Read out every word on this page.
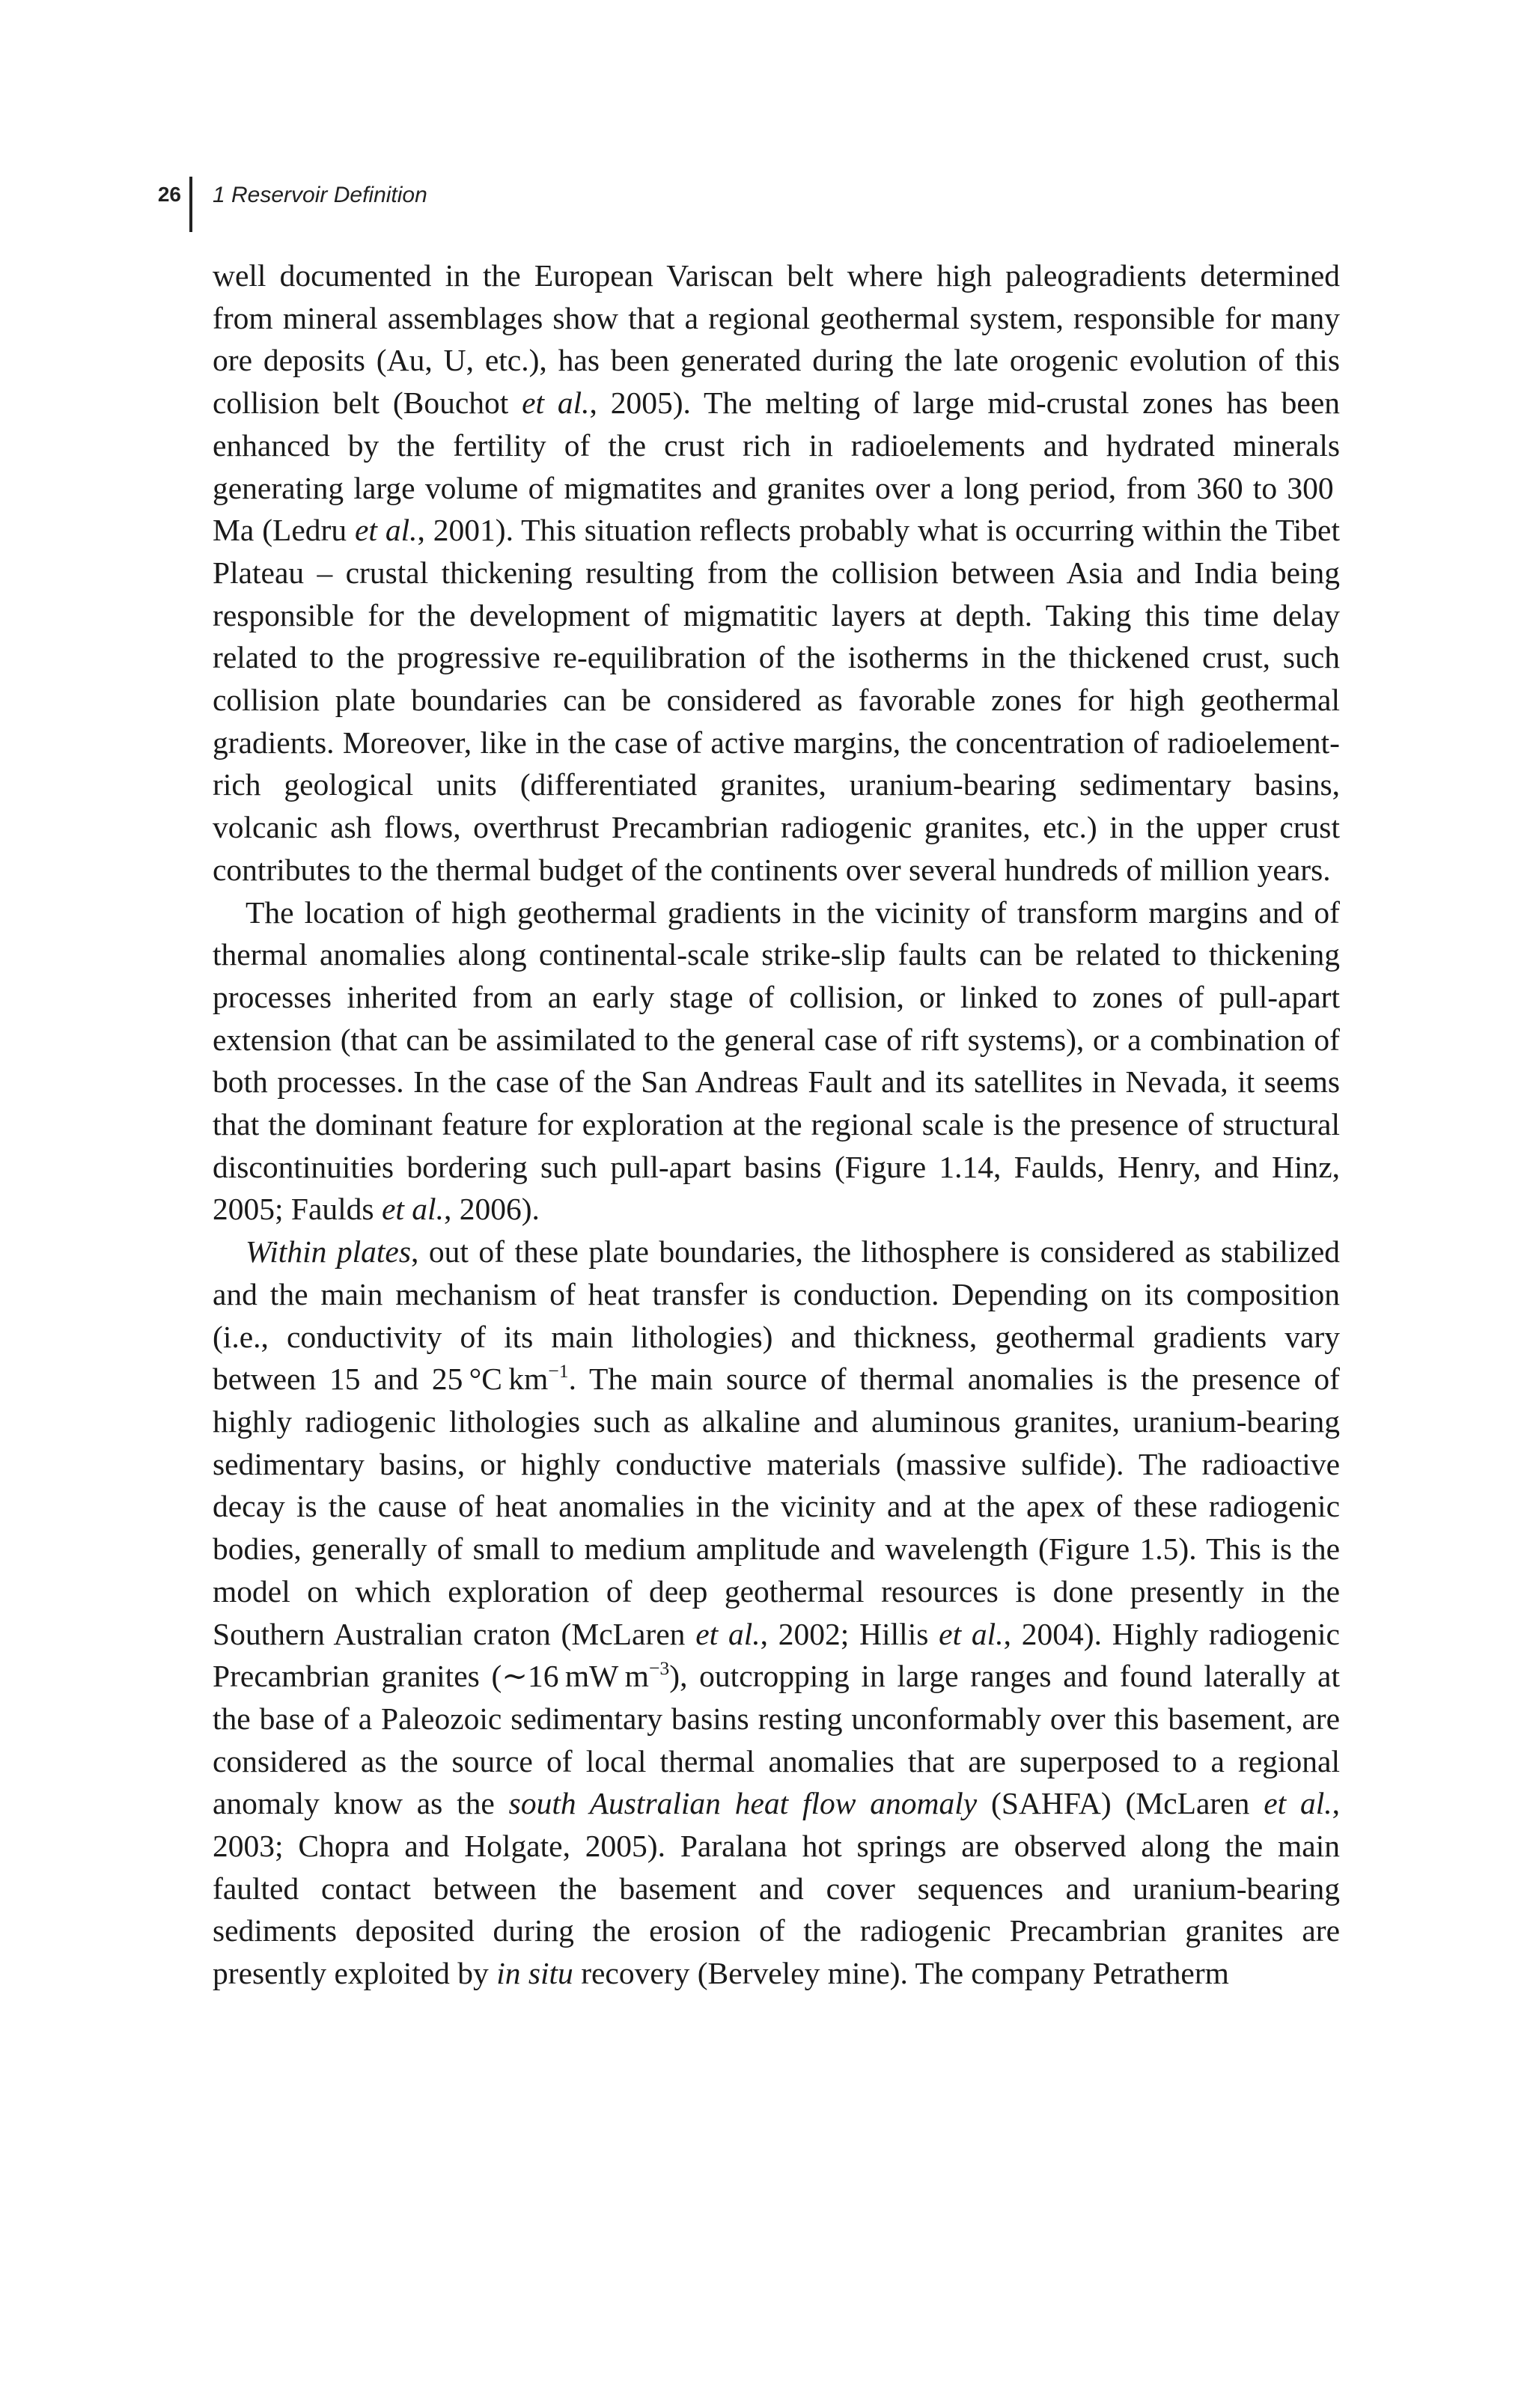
26 1 Reservoir Definition

well documented in the European Variscan belt where high paleogradients determined from mineral assemblages show that a regional geothermal system, responsible for many ore deposits (Au, U, etc.), has been generated during the late orogenic evolution of this collision belt (Bouchot et al., 2005). The melting of large mid-crustal zones has been enhanced by the fertility of the crust rich in radioelements and hydrated minerals generating large volume of migmatites and granites over a long period, from 360 to 300 Ma (Ledru et al., 2001). This situation reflects probably what is occurring within the Tibet Plateau – crustal thickening resulting from the collision between Asia and India being responsible for the development of migmatitic layers at depth. Taking this time delay related to the progressive re-equilibration of the isotherms in the thickened crust, such collision plate boundaries can be considered as favorable zones for high geothermal gradients. Moreover, like in the case of active margins, the concentration of radioelement-rich geological units (differentiated granites, uranium-bearing sedimentary basins, volcanic ash flows, overthrust Precambrian radiogenic granites, etc.) in the upper crust contributes to the thermal budget of the continents over several hundreds of million years.

The location of high geothermal gradients in the vicinity of transform margins and of thermal anomalies along continental-scale strike-slip faults can be related to thickening processes inherited from an early stage of collision, or linked to zones of pull-apart extension (that can be assimilated to the general case of rift systems), or a combination of both processes. In the case of the San Andreas Fault and its satellites in Nevada, it seems that the dominant feature for exploration at the regional scale is the presence of structural discontinuities bordering such pull-apart basins (Figure 1.14, Faulds, Henry, and Hinz, 2005; Faulds et al., 2006).

Within plates, out of these plate boundaries, the lithosphere is considered as stabilized and the main mechanism of heat transfer is conduction. Depending on its composition (i.e., conductivity of its main lithologies) and thickness, geothermal gradients vary between 15 and 25 °C $km^{-1}$. The main source of thermal anomalies is the presence of highly radiogenic lithologies such as alkaline and aluminous granites, uranium-bearing sedimentary basins, or highly conductive materials (massive sulfide). The radioactive decay is the cause of heat anomalies in the vicinity and at the apex of these radiogenic bodies, generally of small to medium amplitude and wavelength (Figure 1.5). This is the model on which exploration of deep geothermal resources is done presently in the Southern Australian craton (McLaren et al., 2002; Hillis et al., 2004). Highly radiogenic Precambrian granites (∼16 mW $m^{-3}$), outcropping in large ranges and found laterally at the base of a Paleozoic sedimentary basins resting unconformably over this basement, are considered as the source of local thermal anomalies that are superposed to a regional anomaly know as the south Australian heat flow anomaly (SAHFA) (McLaren et al., 2003; Chopra and Holgate, 2005). Paralana hot springs are observed along the main faulted contact between the basement and cover sequences and uranium-bearing sediments deposited during the erosion of the radiogenic Precambrian granites are presently exploited by in situ recovery (Berveley mine). The company Petratherm
